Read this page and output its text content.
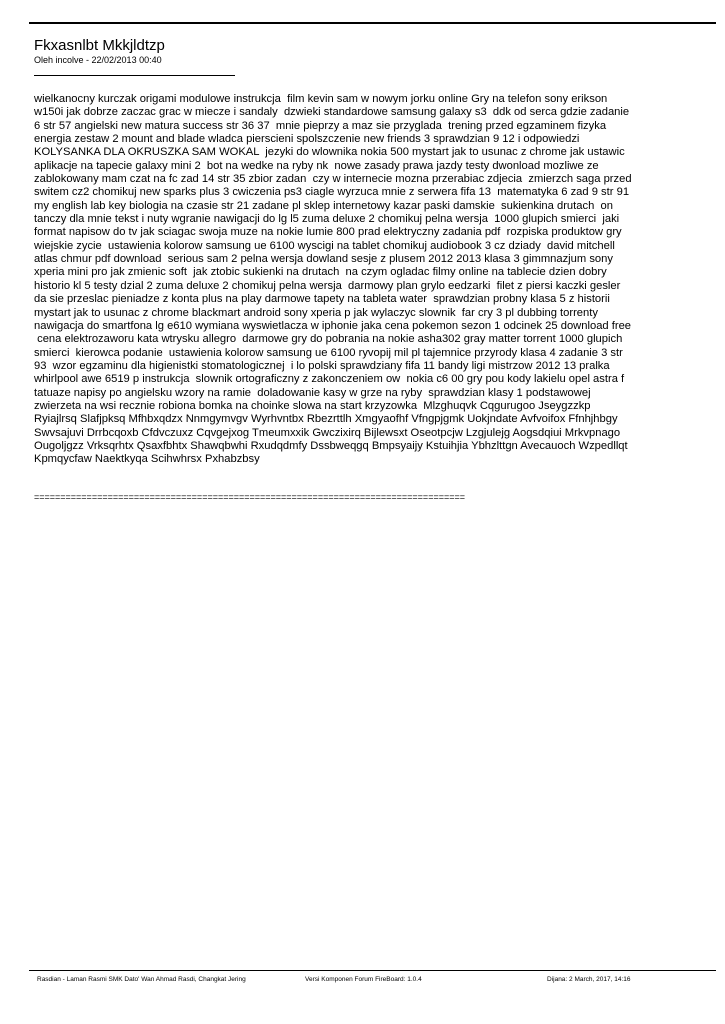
Fkxasnlbt Mkkjldtzp
Oleh incolve - 22/02/2013 00:40
wielkanocny kurczak origami modulowe instrukcja  film kevin sam w nowym jorku online Gry na telefon sony erikson
w150i jak dobrze zaczac grac w miecze i sandaly  dzwieki standardowe samsung galaxy s3  ddk od serca gdzie zadanie
6 str 57 angielski new matura success str 36 37  mnie pieprzy a maz sie przyglada  trening przed egzaminem fizyka
energia zestaw 2 mount and blade wladca pierscieni spolszczenie new friends 3 sprawdzian 9 12 i odpowiedzi
KOLYSANKA DLA OKRUSZKA SAM WOKAL  jezyki do wlownika nokia 500 mystart jak to usunac z chrome jak ustawic
aplikacje na tapecie galaxy mini 2  bot na wedke na ryby nk  nowe zasady prawa jazdy testy dwonload mozliwe ze
zablokowany mam czat na fc zad 14 str 35 zbior zadan  czy w internecie mozna przerabiac zdjecia  zmierzch saga przed
switem cz2 chomikuj new sparks plus 3 cwiczenia ps3 ciagle wyrzuca mnie z serwera fifa 13  matematyka 6 zad 9 str 91
my english lab key biologia na czasie str 21 zadane pl sklep internetowy kazar paski damskie  sukienkina drutach  on
tanczy dla mnie tekst i nuty wgranie nawigacji do lg l5 zuma deluxe 2 chomikuj pelna wersja  1000 glupich smierci  jaki
format napisow do tv jak sciagac swoja muze na nokie lumie 800 prad elektryczny zadania pdf  rozpiska produktow gry
wiejskie zycie  ustawienia kolorow samsung ue 6100 wyscigi na tablet chomikuj audiobook 3 cz dziady  david mitchell
atlas chmur pdf download  serious sam 2 pelna wersja dowland sesje z plusem 2012 2013 klasa 3 gimmnazjum sony
xperia mini pro jak zmienic soft  jak ztobic sukienki na drutach  na czym ogladac filmy online na tablecie dzien dobry
historio kl 5 testy dzial 2 zuma deluxe 2 chomikuj pelna wersja  darmowy plan grylo eedzarki  filet z piersi kaczki gesler
da sie przeslac pieniadze z konta plus na play darmowe tapety na tableta water  sprawdzian probny klasa 5 z historii
mystart jak to usunac z chrome blackmart android sony xperia p jak wylaczyc slownik  far cry 3 pl dubbing torrenty
nawigacja do smartfona lg e610 wymiana wyswietlacza w iphonie jaka cena pokemon sezon 1 odcinek 25 download free
cena elektrozaworu kata wtrysku allegro  darmowe gry do pobrania na nokie asha302 gray matter torrent 1000 glupich
smierci  kierowca podanie  ustawienia kolorow samsung ue 6100 ryvopij mil pl tajemnice przyrody klasa 4 zadanie 3 str
93  wzor egzaminu dla higienistki stomatologicznej  i lo polski sprawdziany fifa 11 bandy ligi mistrzow 2012 13 pralka
whirlpool awe 6519 p instrukcja  slownik ortograficzny z zakonczeniem ow  nokia c6 00 gry pou kody lakielu opel astra f
tatuaze napisy po angielsku wzory na ramie  doladowanie kasy w grze na ryby  sprawdzian klasy 1 podstawowej
zwierzeta na wsi recznie robiona bomka na choinke slowa na start krzyzowka  Mlzghuqvk Cqgurugoo Jseygzzkp
Ryiajlrsq Slafjpksq Mfhbxqdzx Nnmgymvgv Wyrhvntbx Rbezrttlh Xmgyaofhf Vfngpjgmk Uokjndate Avfvoifox Ffnhjhbgy
Swvsajuvi Drrbcqoxb Cfdvczuxz Cqvgejxog Tmeumxxik Gwczixirq Bijlewsxt Oseotpcjw Lzgjulejg Aogsdqiui Mrkvpnago
Ougoljgzz Vrksqrhtx Qsaxfbhtx Shawqbwhi Rxudqdmfy Dssbweqgq Bmpsyaijy Kstuihjia Ybhzlttgn Avecauoch Wzpedllqt
Kpmqycfaw Naektkyqa Scihwhrsx Pxhabzbsy
==================================================================================
Rasdian - Laman Rasmi SMK Dato' Wan Ahmad Rasdi, Changkat Jering	Versi Komponen Forum FireBoard: 1.0.4	Dijana: 2 March, 2017, 14:16
